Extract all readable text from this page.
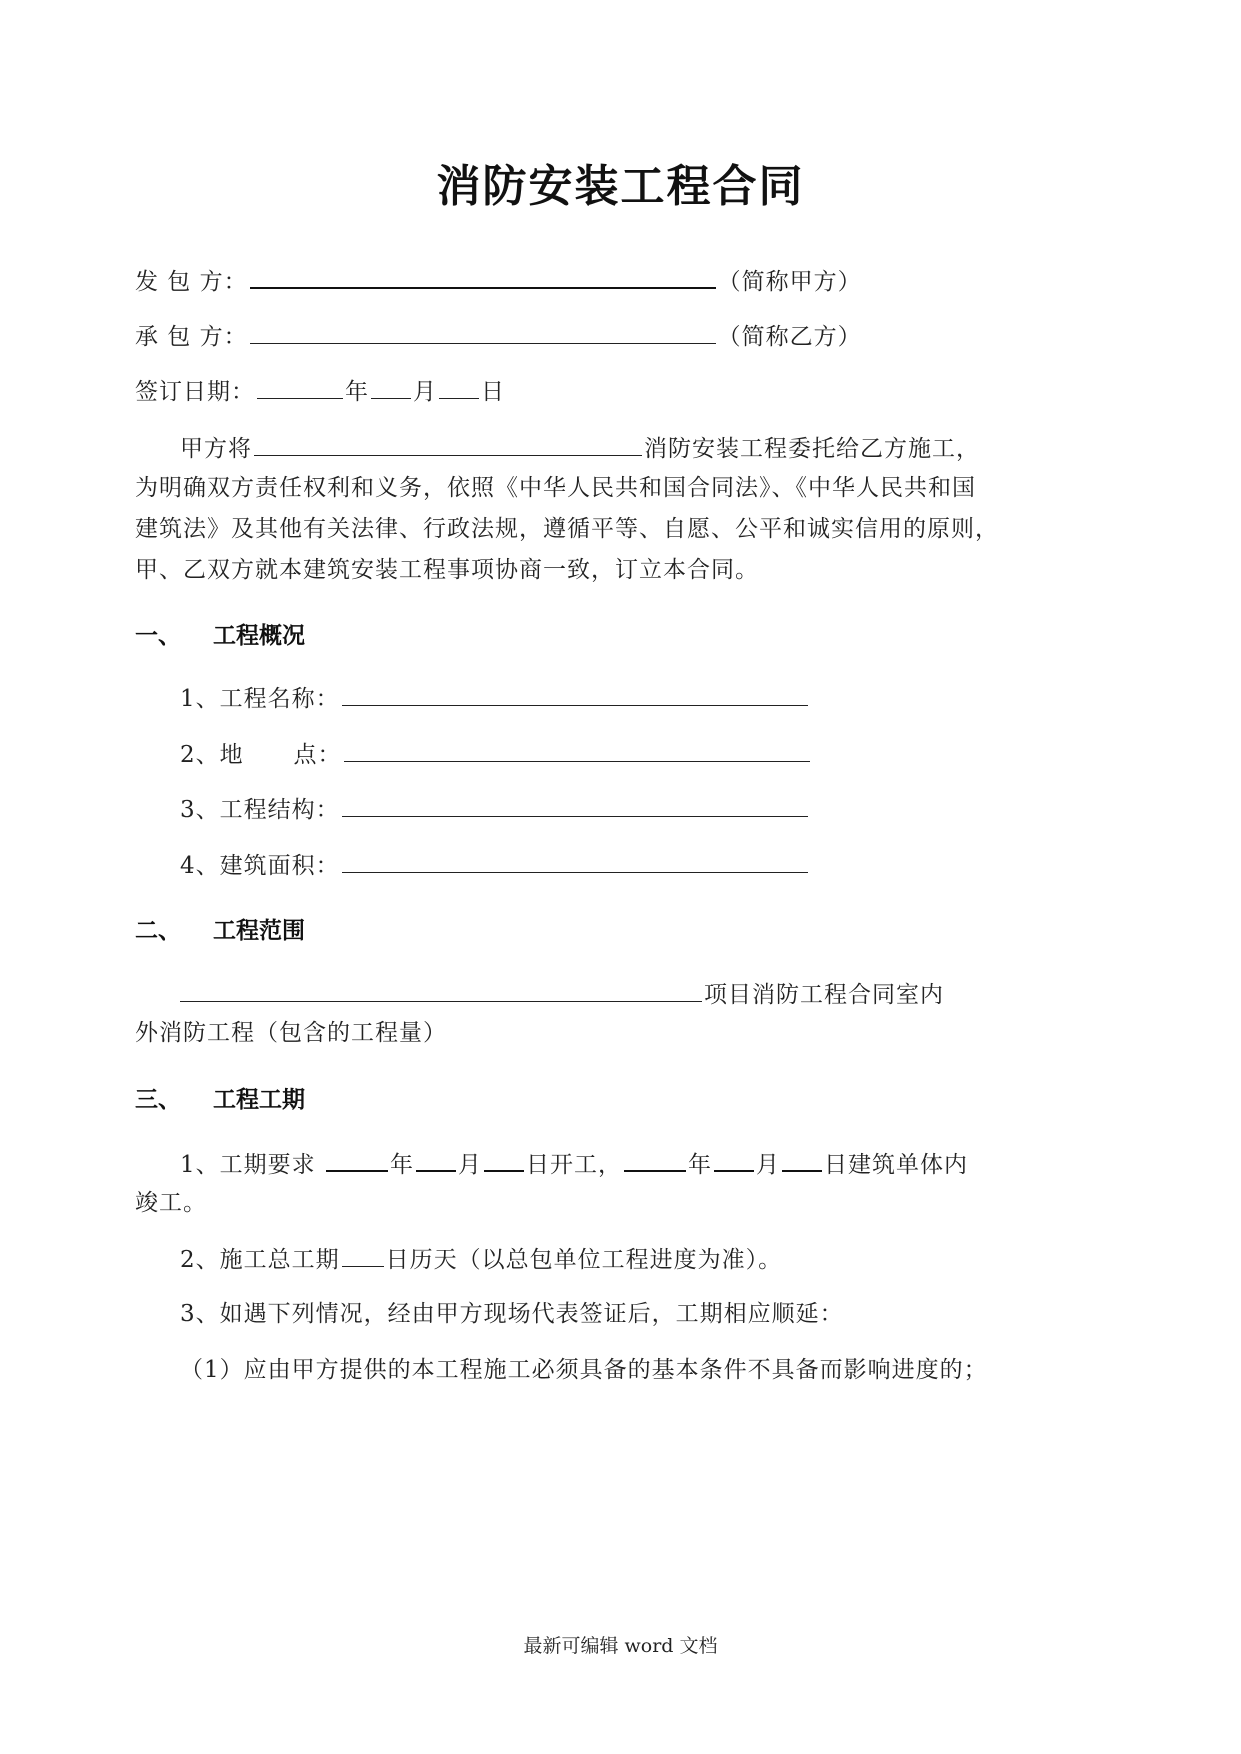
消防安装工程合同
发 包 方：	（简称甲方）
承 包 方：	（简称乙方）
签订日期：	年 月 日
甲方将	消防安装工程委托给乙方施工，
为明确双方责任权利和义务，依照《中华人民共和国合同法》、《中华人民共和国
建筑法》及其他有关法律、行政法规，遵循平等、自愿、公平和诚实信用的原则，
甲、乙双方就本建筑安装工程事项协商一致，订立本合同。
一、 工程概况
1、工程名称：
2、地      点：
3、工程结构：
4、建筑面积：
二、 工程范围
项目消防工程合同室内
外消防工程（包含的工程量）
三、 工程工期
1、工期要求	年 月 日开工，	年 月 日建筑单体内
竣工。
2、施工总工期 日历天（以总包单位工程进度为准）。
3、如遇下列情况，经由甲方现场代表签证后，工期相应顺延：
（1）应由甲方提供的本工程施工必须具备的基本条件不具备而影响进度的；
最新可编辑 word 文档
